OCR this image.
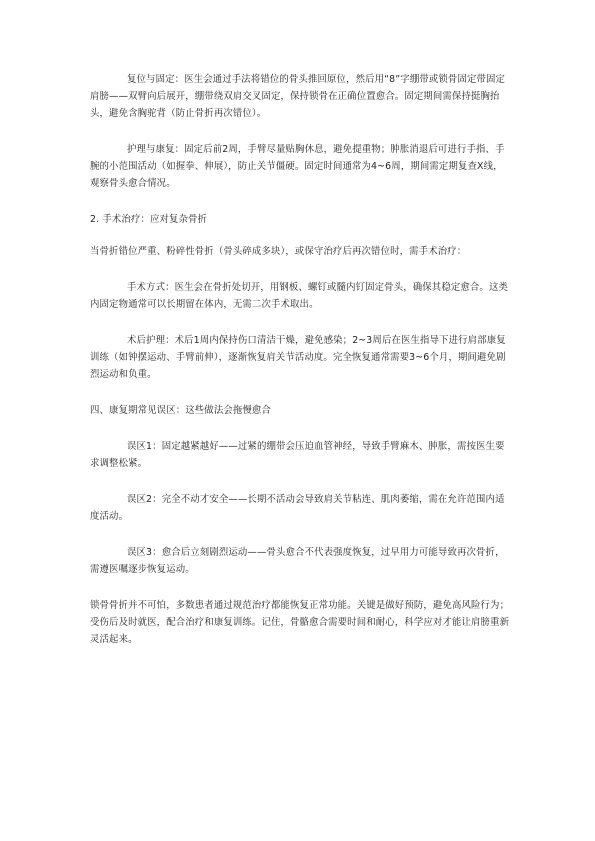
复位与固定：医生会通过手法将错位的骨头推回原位，然后用“8”字绷带或锁骨固定带固定肩膀——双臂向后展开，绷带绕双肩交叉固定，保持锁骨在正确位置愈合。固定期间需保持挺胸抬头，避免含胸驼背（防止骨折再次错位）。

护理与康复：固定后前2周，手臂尽量贴胸休息，避免提重物；肿胀消退后可进行手指、手腕的小范围活动（如握拳、伸展），防止关节僵硬。固定时间通常为4~6周，期间需定期复查X线，观察骨头愈合情况。

2. 手术治疗：应对复杂骨折

当骨折错位严重、粉碎性骨折（骨头碎成多块），或保守治疗后再次错位时，需手术治疗：

手术方式：医生会在骨折处切开，用钢板、螺钉或髓内钉固定骨头，确保其稳定愈合。这类内固定物通常可以长期留在体内，无需二次手术取出。

术后护理：术后1周内保持伤口清洁干燥，避免感染；2~3周后在医生指导下进行肩部康复训练（如钟摆运动、手臂前伸），逐渐恢复肩关节活动度。完全恢复通常需要3~6个月，期间避免剧烈运动和负重。

四、康复期常见误区：这些做法会拖慢愈合

误区1：固定越紧越好——过紧的绷带会压迫血管神经，导致手臂麻木、肿胀，需按医生要求调整松紧。

误区2：完全不动才安全——长期不活动会导致肩关节粘连、肌肉萎缩，需在允许范围内适度活动。

误区3：愈合后立刻剧烈运动——骨头愈合不代表强度恢复，过早用力可能导致再次骨折，需遵医嘱逐步恢复运动。

锁骨骨折并不可怕，多数患者通过规范治疗都能恢复正常功能。关键是做好预防，避免高风险行为；受伤后及时就医，配合治疗和康复训练。记住，骨骼愈合需要时间和耐心，科学应对才能让肩膀重新灵活起来。
